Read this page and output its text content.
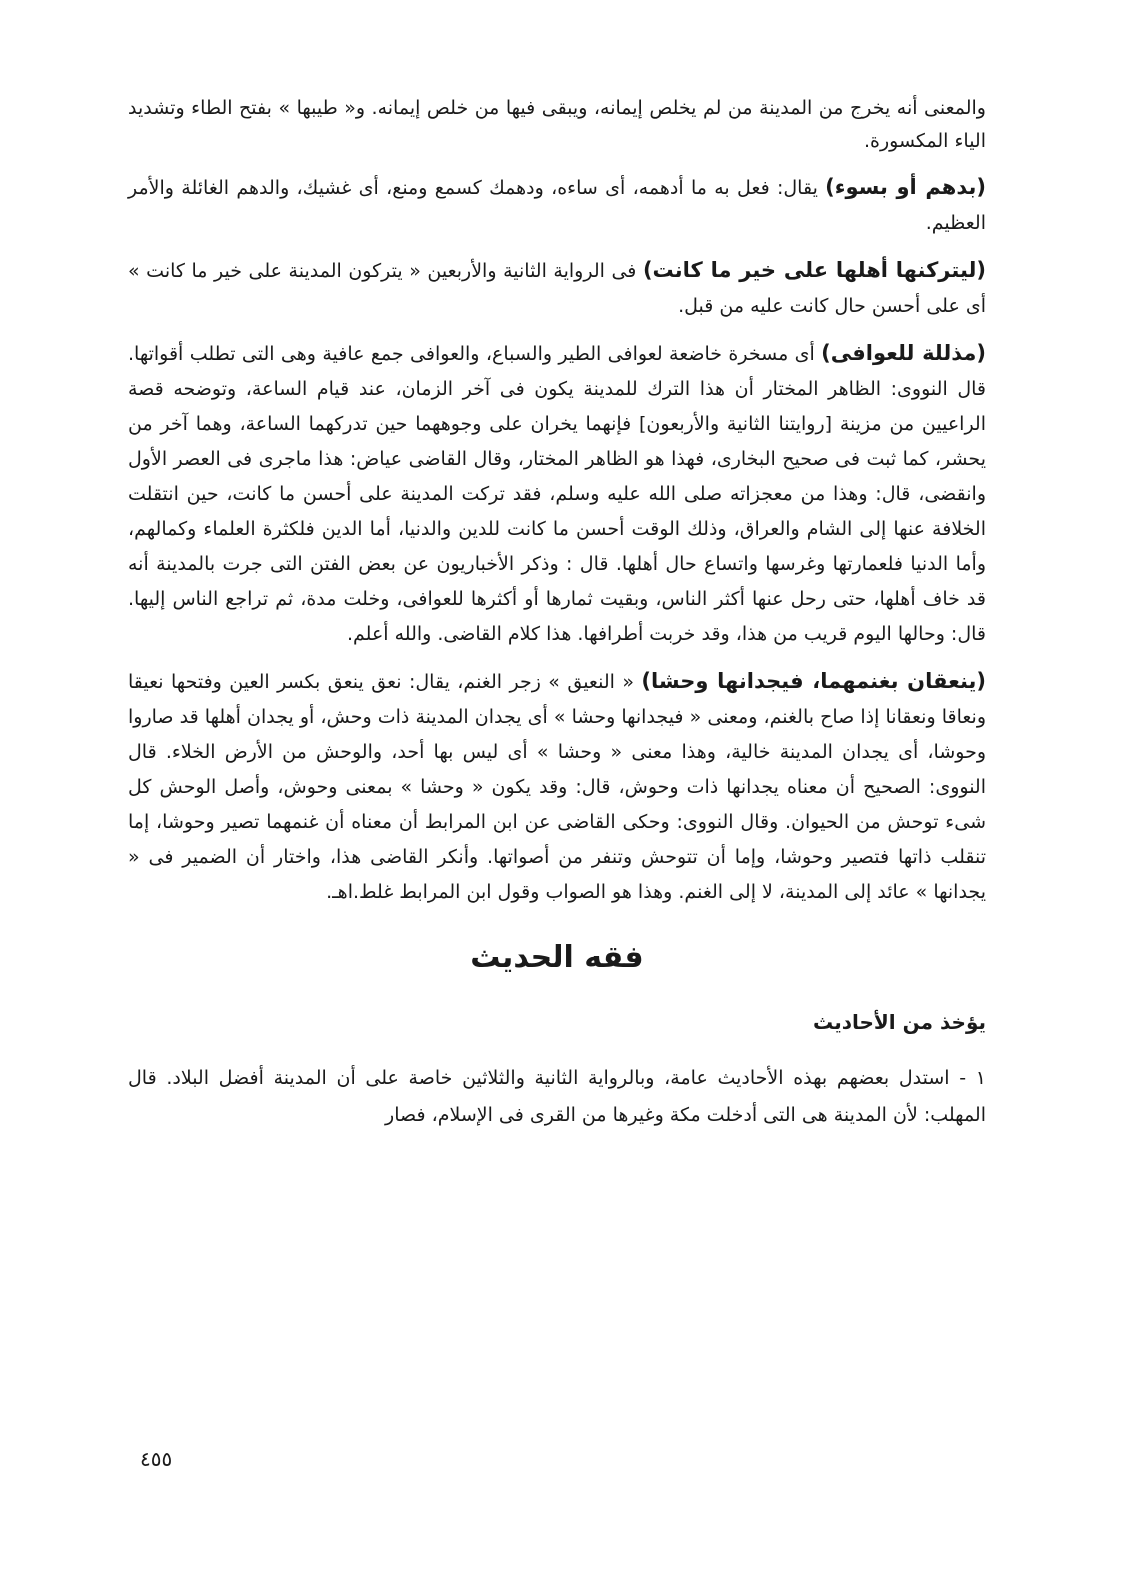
والمعنى أنه يخرج من المدينة من لم يخلص إيمانه، ويبقى فيها من خلص إيمانه. و« طيبها » بفتح الطاء وتشديد الياء المكسورة.

(بدهم أو بسوء) يقال: فعل به ما أدهمه، أى ساءه، ودهمك كسمع ومنع، أى غشيك، والدهم الغائلة والأمر العظيم.

(ليتركنها أهلها على خير ما كانت) فى الرواية الثانية والأربعين « يتركون المدينة على خير ما كانت » أى على أحسن حال كانت عليه من قبل.

(مذللة للعوافى) أى مسخرة خاضعة لعوافى الطير والسباع، والعوافى جمع عافية وهى التى تطلب أقواتها. قال النووى: الظاهر المختار أن هذا الترك للمدينة يكون فى آخر الزمان، عند قيام الساعة، وتوضحه قصة الراعيين من مزينة [روايتنا الثانية والأربعون] فإنهما يخران على وجوههما حين تدركهما الساعة، وهما آخر من يحشر، كما ثبت فى صحيح البخارى، فهذا هو الظاهر المختار، وقال القاضى عياض: هذا ماجرى فى العصر الأول وانقضى، قال: وهذا من معجزاته صلى الله عليه وسلم، فقد تركت المدينة على أحسن ما كانت، حين انتقلت الخلافة عنها إلى الشام والعراق، وذلك الوقت أحسن ما كانت للدين والدنيا، أما الدين فلكثرة العلماء وكمالهم، وأما الدنيا فلعمارتها وغرسها واتساع حال أهلها. قال : وذكر الأخباريون عن بعض الفتن التى جرت بالمدينة أنه قد خاف أهلها، حتى رحل عنها أكثر الناس، وبقيت ثمارها أو أكثرها للعوافى، وخلت مدة، ثم تراجع الناس إليها. قال: وحالها اليوم قريب من هذا، وقد خربت أطرافها. هذا كلام القاضى. والله أعلم.

(ينعقان بغنمهما، فيجدانها وحشا) « النعيق » زجر الغنم، يقال: نعق ينعق بكسر العين وفتحها نعيقا ونعاقا ونعقانا إذا صاح بالغنم، ومعنى « فيجدانها وحشا » أى يجدان المدينة ذات وحش، أو يجدان أهلها قد صاروا وحوشا، أى يجدان المدينة خالية، وهذا معنى « وحشا » أى ليس بها أحد، والوحش من الأرض الخلاء. قال النووى: الصحيح أن معناه يجدانها ذات وحوش، قال: وقد يكون « وحشا » بمعنى وحوش، وأصل الوحش كل شىء توحش من الحيوان. وقال النووى: وحكى القاضى عن ابن المرابط أن معناه أن غنمهما تصير وحوشا، إما تنقلب ذاتها فتصير وحوشا، وإما أن تتوحش وتنفر من أصواتها. وأنكر القاضى هذا، واختار أن الضمير فى « يجدانها » عائد إلى المدينة، لا إلى الغنم. وهذا هو الصواب وقول ابن المرابط غلط.اهـ.

فقه الحديث
يؤخذ من الأحاديث

١ - استدل بعضهم بهذه الأحاديث عامة، وبالرواية الثانية والثلاثين خاصة على أن المدينة أفضل البلاد. قال المهلب: لأن المدينة هى التى أدخلت مكة وغيرها من القرى فى الإسلام، فصار

٤٥٥
